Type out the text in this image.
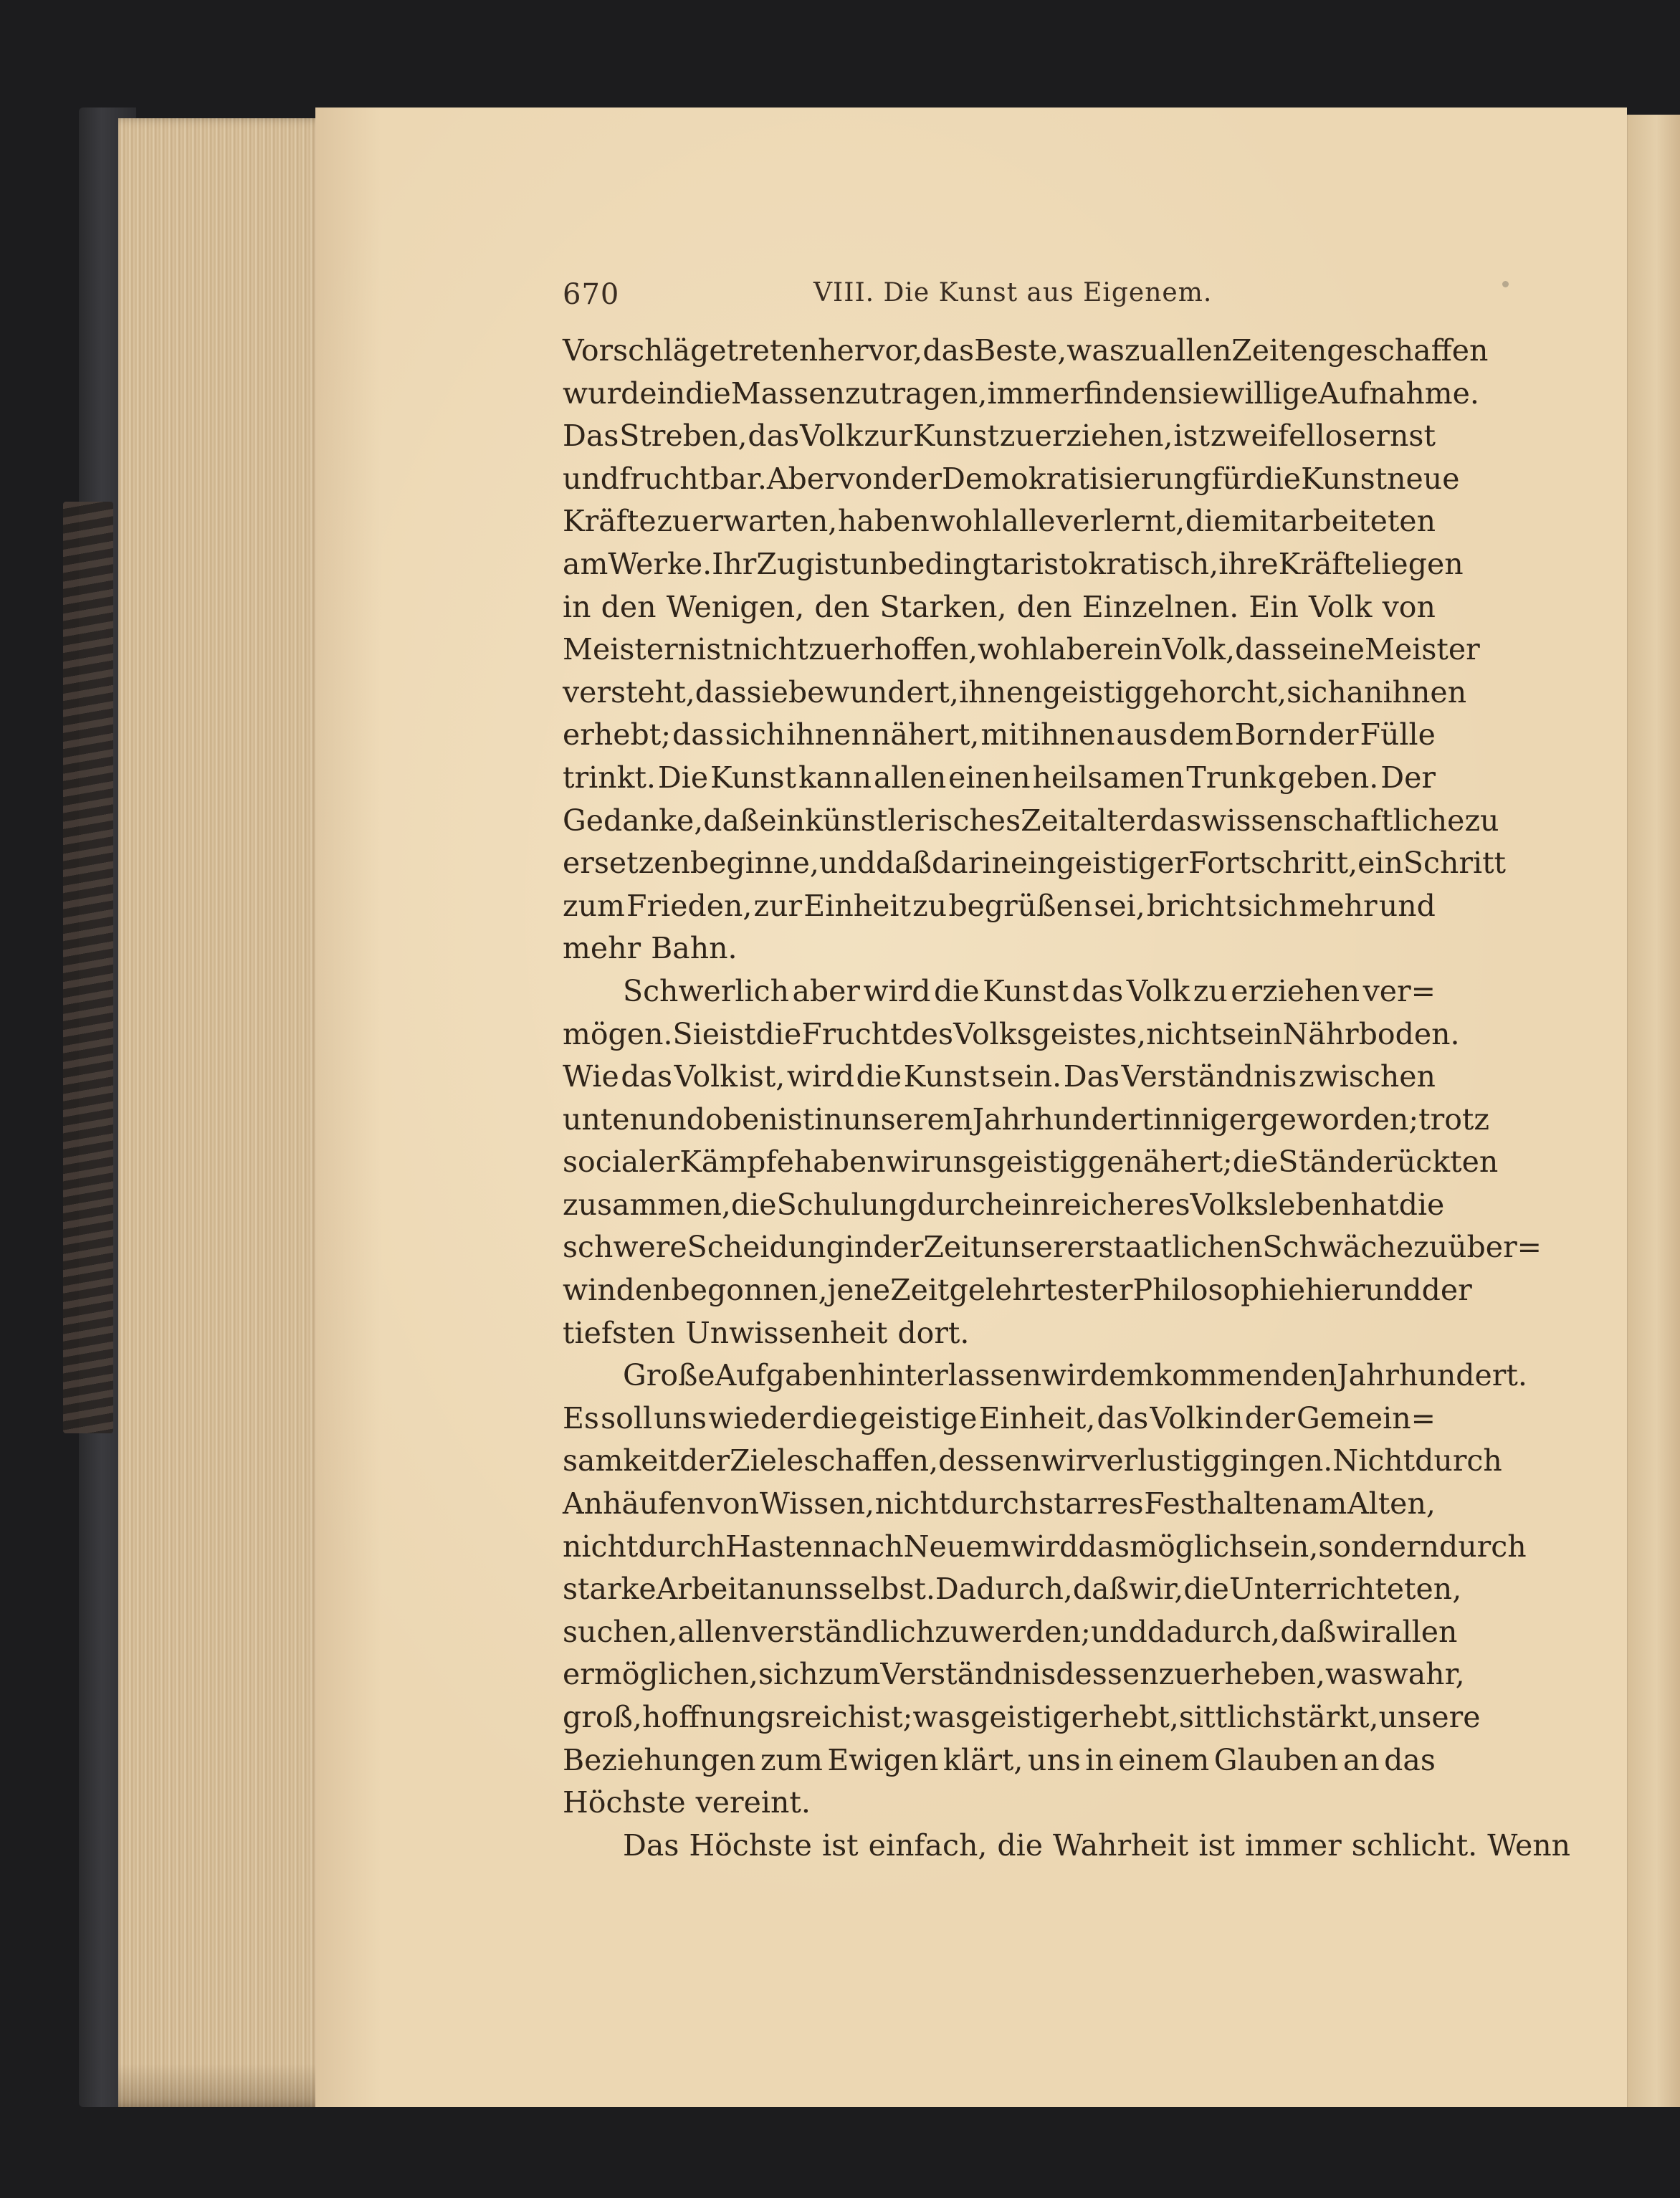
670	VIII. Die Kunst aus Eigenem.
Vorschläge treten hervor, das Beste, was zu allen Zeiten geschaffen
wurde in die Massen zu tragen, immer finden sie willige Aufnahme.
Das Streben, das Volk zur Kunst zu erziehen, ist zweifellos ernst
und fruchtbar. Aber von der Demokratisierung für die Kunst neue
Kräfte zu erwarten, haben wohl alle verlernt, die mit arbeiteten
am Werke. Ihr Zug ist unbedingt aristokratisch, ihre Kräfte liegen
in den Wenigen, den Starken, den Einzelnen. Ein Volk von
Meistern ist nicht zu erhoffen, wohl aber ein Volk, das seine Meister
versteht, das sie bewundert, ihnen geistig gehorcht, sich an ihnen
erhebt; das sich ihnen nähert, mit ihnen aus dem Born der Fülle
trinkt. Die Kunst kann allen einen heilsamen Trunk geben. Der
Gedanke, daß ein künstlerisches Zeitalter das wissenschaftliche zu
ersetzen beginne, und daß darin ein geistiger Fortschritt, ein Schritt
zum Frieden, zur Einheit zu begrüßen sei, bricht sich mehr und
mehr Bahn.
Schwerlich aber wird die Kunst das Volk zu erziehen ver=
mögen. Sie ist die Frucht des Volksgeistes, nicht sein Nährboden.
Wie das Volk ist, wird die Kunst sein. Das Verständnis zwischen
unten und oben ist in unserem Jahrhundert inniger geworden; trotz
socialer Kämpfe haben wir uns geistig genähert; die Stände rückten
zusammen, die Schulung durch ein reicheres Volksleben hat die
schwere Scheidung in der Zeit unserer staatlichen Schwäche zu über=
winden begonnen, jene Zeit gelehrtester Philosophie hier und der
tiefsten Unwissenheit dort.
Große Aufgaben hinterlassen wir dem kommenden Jahrhundert.
Es soll uns wieder die geistige Einheit, das Volk in der Gemein=
samkeit der Ziele schaffen, dessen wir verlustig gingen. Nicht durch
Anhäufen von Wissen, nicht durch starres Festhalten am Alten,
nicht durch Hasten nach Neuem wird das möglich sein, sondern durch
starke Arbeit an uns selbst. Dadurch, daß wir, die Unterrichteten,
suchen, allen verständlich zu werden; und dadurch, daß wir allen
ermöglichen, sich zum Verständnis dessen zu erheben, was wahr,
groß, hoffnungsreich ist; was geistig erhebt, sittlich stärkt, unsere
Beziehungen zum Ewigen klärt, uns in einem Glauben an das
Höchste vereint.
Das Höchste ist einfach, die Wahrheit ist immer schlicht. Wenn
